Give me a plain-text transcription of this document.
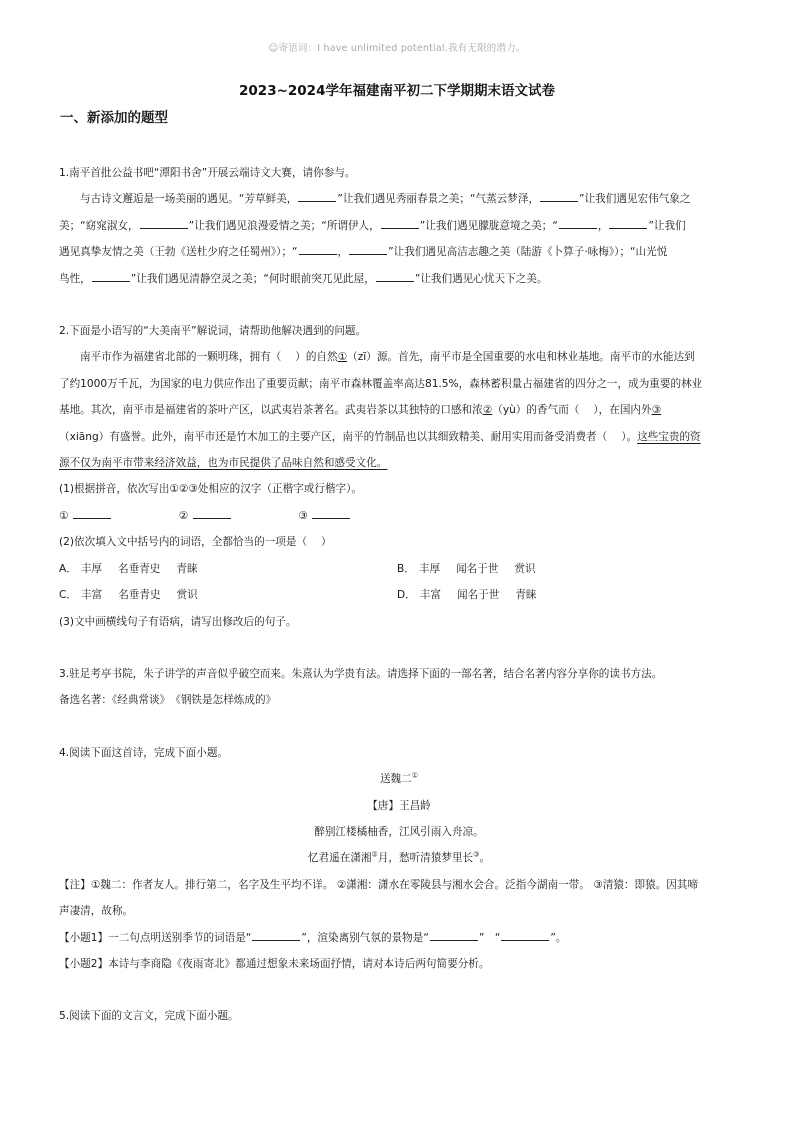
☺寄语词：I have unlimited potential.我有无限的潜力。
2023~2024学年福建南平初二下学期期末语文试卷
一、新添加的题型

1.南平首批公益书吧“潭阳书舍”开展云端诗文大赛，请你参与。

与古诗文邂逅是一场美丽的遇见。“芳草鲜美，	”让我们遇见秀丽春景之美；“气蒸云梦泽，	”让我们遇见宏伟气象之

美；“窈窕淑女，	”让我们遇见浪漫爱情之美；“所谓伊人，	”让我们遇见朦胧意境之美；“	，	”让我们

遇见真挚友情之美（王勃《送杜少府之任蜀州》）；“	，	”让我们遇见高洁志趣之美（陆游《卜算子·咏梅》）；“山光悦

鸟性，	”让我们遇见清静空灵之美；“何时眼前突兀见此屋，	”让我们遇见心忧天下之美。

2.下面是小语写的“大美南平”解说词，请帮助他解决遇到的问题。

南平市作为福建省北部的一颗明珠，拥有（　 ）的自然①（zī）源。首先，南平市是全国重要的水电和林业基地。南平市的水能达到

了约1000万千瓦，为国家的电力供应作出了重要贡献；南平市森林覆盖率高达81.5%，森林蓄积量占福建省的四分之一，成为重要的林业

基地。其次，南平市是福建省的茶叶产区，以武夷岩茶著名。武夷岩茶以其独特的口感和浓②（yù）的香气而（　 ），在国内外③

（xiāng）有盛誉。此外，南平市还是竹木加工的主要产区，南平的竹制品也以其细致精美、耐用实用而备受消费者（　 ）。这些宝贵的资

源不仅为南平市带来经济效益，也为市民提供了品味自然和感受文化。

(1)根据拼音，依次写出①②③处相应的汉字（正楷字或行楷字）。

①	②	③

(2)依次填入文中括号内的词语，全都恰当的一项是（　 ）

A． 丰厚 名垂青史 青睐	B． 丰厚 闻名于世 赏识
C． 丰富 名垂青史 赏识	D． 丰富 闻名于世 青睐

(3)文中画横线句子有语病，请写出修改后的句子。

3.驻足考亭书院，朱子讲学的声音似乎破空而来。朱熹认为学贵有法。请选择下面的一部名著，结合名著内容分享你的读书方法。

备选名著：《经典常谈》　《钢铁是怎样炼成的》

4.阅读下面这首诗，完成下面小题。

送魏二①

【唐】王昌龄

醉别江楼橘柚香，江风引雨入舟凉。

忆君遥在潇湘②月，愁听清猿梦里长③。

【注】①魏二：作者友人。排行第二，名字及生平均不详。 ②潇湘：潇水在零陵县与湘水会合。泛指今湖南一带。 ③清猿：即猿。因其啼

声凄清，故称。

【小题1】一二句点明送别季节的词语是“	”，渲染离别气氛的景物是“	”　“	”。

【小题2】本诗与李商隐《夜雨寄北》都通过想象未来场面抒情，请对本诗后两句简要分析。

5.阅读下面的文言文，完成下面小题。
